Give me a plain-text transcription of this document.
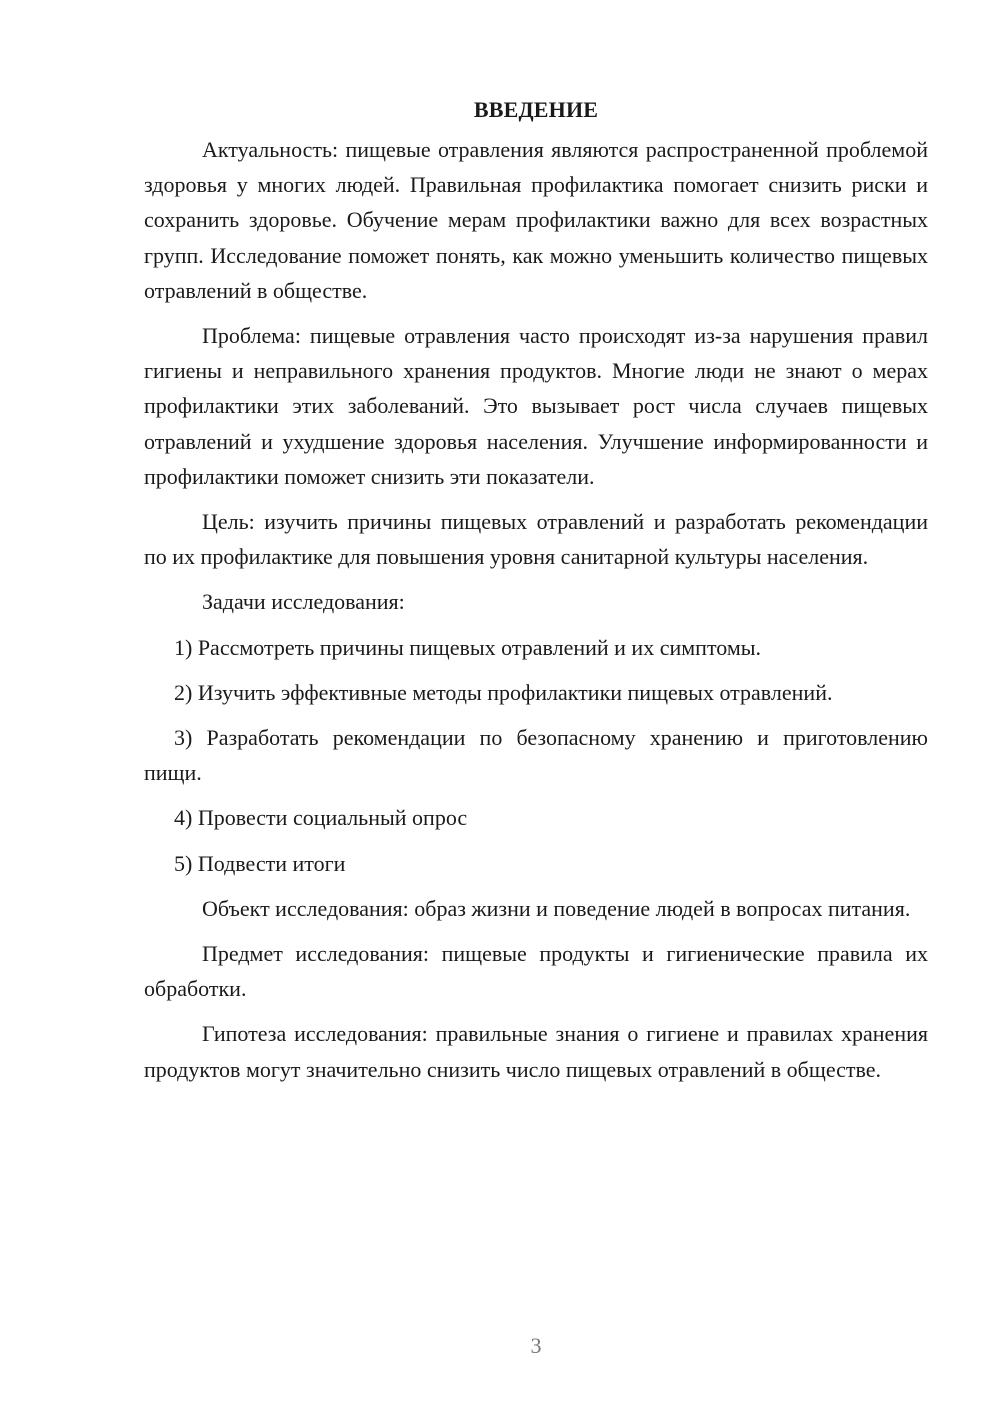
ВВЕДЕНИЕ

Актуальность: пищевые отравления являются распространенной проблемой здоровья у многих людей. Правильная профилактика помогает снизить риски и сохранить здоровье. Обучение мерам профилактики важно для всех возрастных групп. Исследование поможет понять, как можно уменьшить количество пищевых отравлений в обществе.

Проблема: пищевые отравления часто происходят из-за нарушения правил гигиены и неправильного хранения продуктов. Многие люди не знают о мерах профилактики этих заболеваний. Это вызывает рост числа случаев пищевых отравлений и ухудшение здоровья населения. Улучшение информированности и профилактики поможет снизить эти показатели.

Цель: изучить причины пищевых отравлений и разработать рекомендации по их профилактике для повышения уровня санитарной культуры населения.

Задачи исследования:

1) Рассмотреть причины пищевых отравлений и их симптомы.

2) Изучить эффективные методы профилактики пищевых отравлений.

3) Разработать рекомендации по безопасному хранению и приготовлению пищи.

4) Провести социальный опрос

5) Подвести итоги

Объект исследования: образ жизни и поведение людей в вопросах питания.

Предмет исследования: пищевые продукты и гигиенические правила их обработки.

Гипотеза исследования: правильные знания о гигиене и правилах хранения продуктов могут значительно снизить число пищевых отравлений в обществе.

3
